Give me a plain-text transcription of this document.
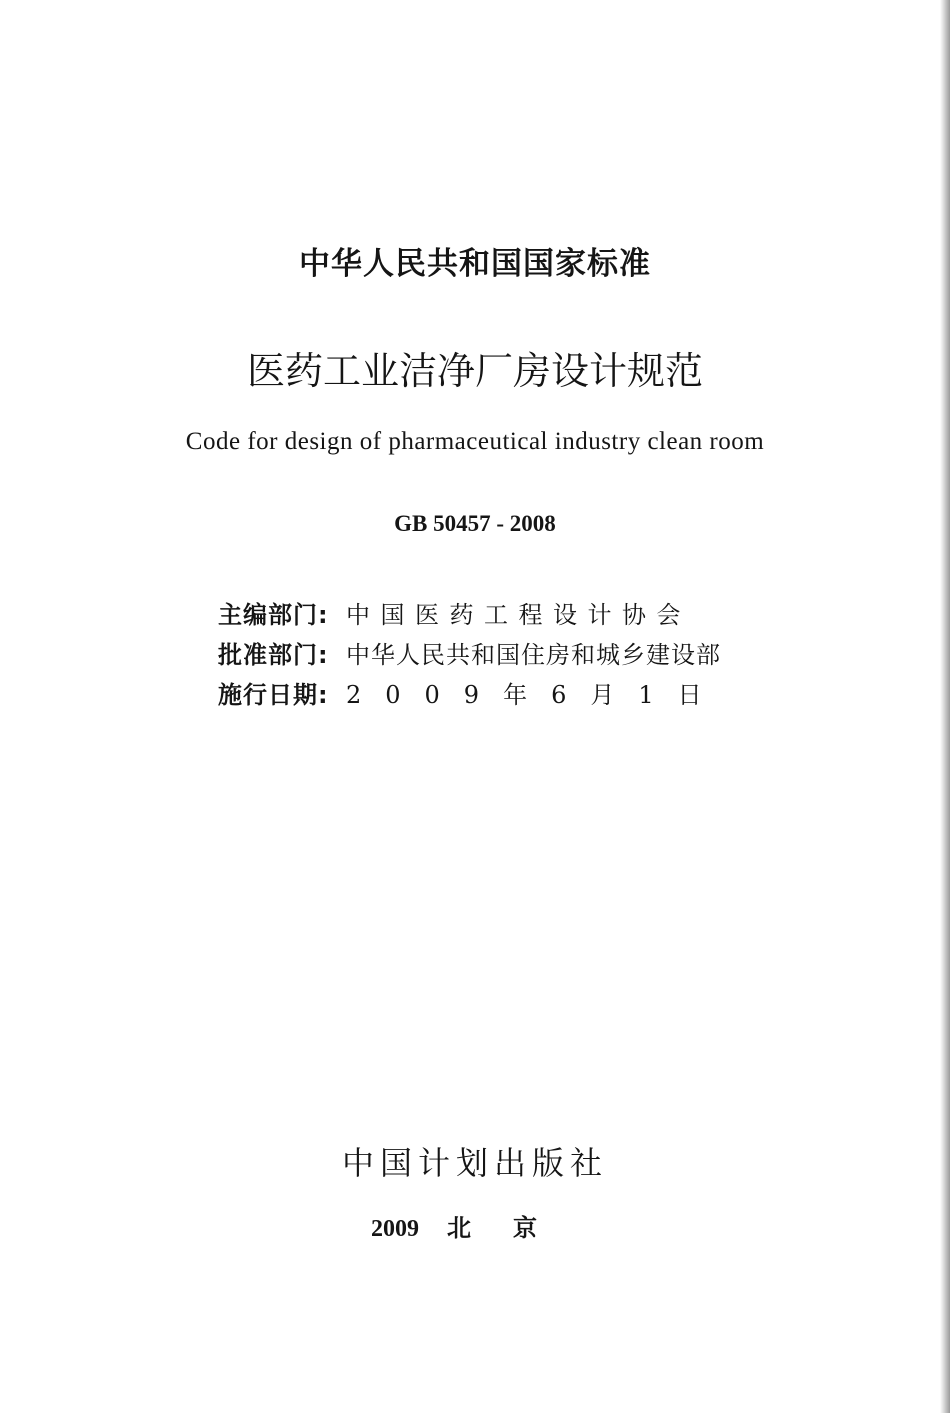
中华人民共和国国家标准
医药工业洁净厂房设计规范
Code for design of pharmaceutical industry clean room
GB 50457 - 2008
主编部门: 中国医药工程设计协会
批准部门: 中华人民共和国住房和城乡建设部
施行日期: 2009年6月1日
中国计划出版社
2009 北京
